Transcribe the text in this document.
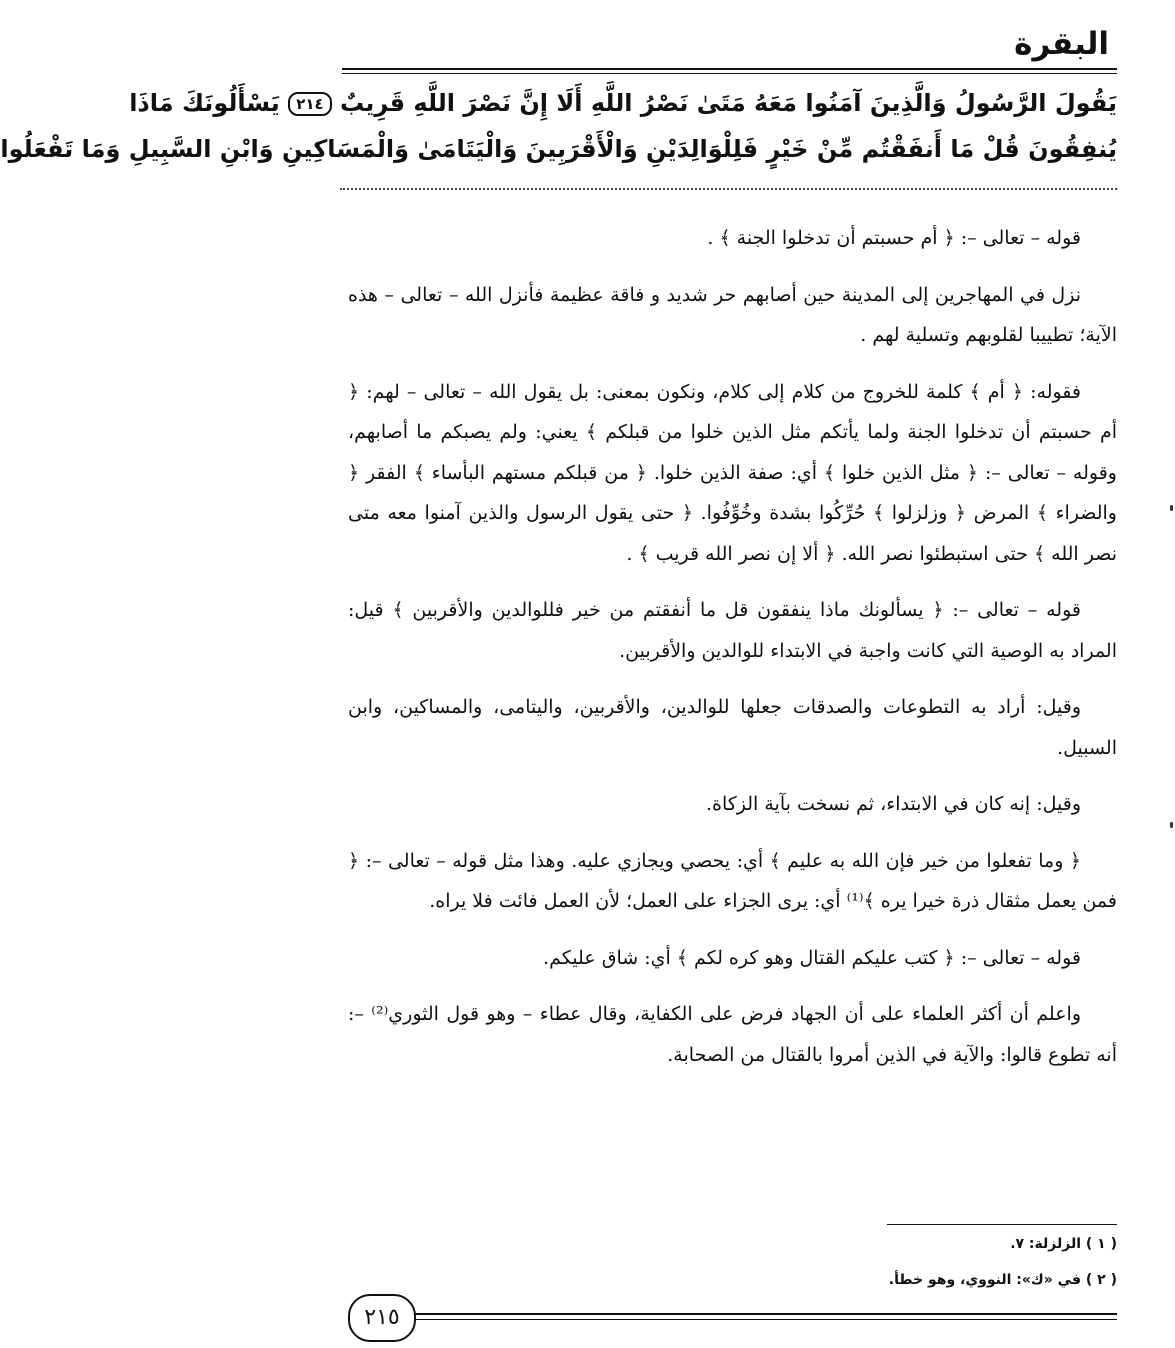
البقرة
يَقُولَ الرَّسُولُ وَالَّذِينَ آمَنُوا مَعَهُ مَتَىٰ نَصْرُ اللَّهِ أَلَا إِنَّ نَصْرَ اللَّهِ قَرِيبٌ ٢١٤ يَسْأَلُونَكَ مَاذَا
يُنفِقُونَ قُلْ مَا أَنفَقْتُم مِّنْ خَيْرٍ فَلِلْوَالِدَيْنِ وَالْأَقْرَبِينَ وَالْيَتَامَىٰ وَالْمَسَاكِينِ وَابْنِ السَّبِيلِ وَمَا تَفْعَلُوا

قوله – تعالى –: ﴿ أم حسبتم أن تدخلوا الجنة ﴾ .

نزل في المهاجرين إلى المدينة حين أصابهم حر شديد و فاقة عظيمة فأنزل الله – تعالى – هذه الآية؛ تطييبا لقلوبهم وتسلية لهم .

فقوله: ﴿ أم ﴾ كلمة للخروج من كلام إلى كلام، ونكون بمعنى: بل يقول الله – تعالى – لهم: ﴿ أم حسبتم أن تدخلوا الجنة ولما يأتكم مثل الذين خلوا من قبلكم ﴾ يعني: ولم يصبكم ما أصابهم، وقوله – تعالى –: ﴿ مثل الذين خلوا ﴾ أي: صفة الذين خلوا. ﴿ من قبلكم مستهم البأساء ﴾ الفقر ﴿ والضراء ﴾ المرض ﴿ وزلزلوا ﴾ حُرِّكُوا بشدة وخُوِّفُوا. ﴿ حتى يقول الرسول والذين آمنوا معه متى نصر الله ﴾ حتى استبطئوا نصر الله. ﴿ ألا إن نصر الله قريب ﴾ .

قوله – تعالى –: ﴿ يسألونك ماذا ينفقون قل ما أنفقتم من خير فللوالدين والأقربين ﴾ قيل: المراد به الوصية التي كانت واجبة في الابتداء للوالدين والأقربين.

وقيل: أراد به التطوعات والصدقات جعلها للوالدين، والأقربين، واليتامى، والمساكين، وابن السبيل.

وقيل: إنه كان في الابتداء، ثم نسخت بآية الزكاة.

﴿ وما تفعلوا من خير فإن الله به عليم ﴾ أي: يحصي ويجازي عليه. وهذا مثل قوله – تعالى –: ﴿ فمن يعمل مثقال ذرة خيرا يره ﴾⁽¹⁾ أي: يرى الجزاء على العمل؛ لأن العمل فائت فلا يراه.

قوله – تعالى –: ﴿ كتب عليكم القتال وهو كره لكم ﴾ أي: شاق عليكم.

واعلم أن أكثر العلماء على أن الجهاد فرض على الكفاية، وقال عطاء – وهو قول الثوري⁽²⁾ –: أنه تطوع قالوا: والآية في الذين أمروا بالقتال من الصحابة.

( ١ ) الزلزلة: ٧.
( ٢ ) في «ك»: النووي، وهو خطأ.
٢١٥
